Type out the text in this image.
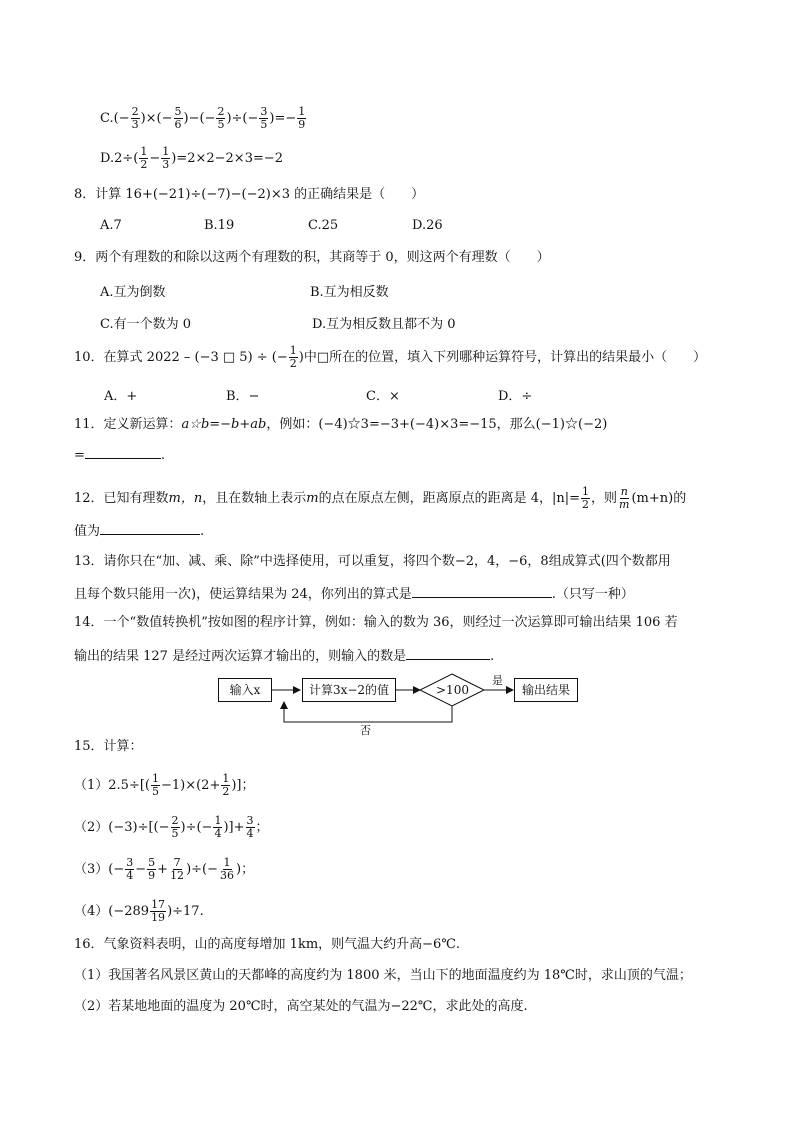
$C.(- \frac{2}{3}$ )×(− $\frac{5}{6}$ )−(− $\frac{2}{5}$ )÷(− $\frac{3}{5}$ )=− $\frac{1}{9}$
$D.2\div( \frac{1}{2} - \frac{1}{3} )=2\times 2-2\times 3=-2$
8．计算 16+(−21)÷(−7)−(−2)×3 的正确结果是（　　）
A.7	B.19	C.25	D.26
9．两个有理数的和除以这两个有理数的积，其商等于 0，则这两个有理数（　　）
A.互为倒数	B.互为相反数
C.有一个数为 0	D.互为相反数且都不为 0
10．在算式 2022 – (−3 □ 5) ÷ (− $\frac{1}{2}$ )中□所在的位置，填入下列哪种运算符号，计算出的结果最小（　　）
A．+	B．−	C．×	D．÷
11．定义新运算：a☆b=−b+ab，例如：(−4)☆3=−3+(−4)×3=−15，那么(−1)☆(−2)
=	.
12．已知有理数m，n，且在数轴上表示m的点在原点左侧，距离原点的距离是 4，$|n|= \frac{1}{2}$ ，则 $\frac{n}{m} (m+n)$的
值为	.
13．请你只在“加、减、乘、除”中选择使用，可以重复，将四个数−2，4，−6，8组成算式(四个数都用
且每个数只能用一次)，使运算结果为 24，你列出的算式是	.（只写一种）
14．一个“数值转换机”按如图的程序计算，例如：输入的数为 36，则经过一次运算即可输出结果 106 若
输出的结果 127 是经过两次运算才输出的，则输入的数是	.
输入x	计算3x−2的值	>100
是
输出结果
否
15．计算：
$(1)2.5\div[( \frac{1}{5} -1)\times(2+ \frac{1}{2}$ )]；
$(2)(-3)\div[(- \frac{2}{5}$ )÷(− $\frac{1}{4}$ )]+ $\frac{3}{4}$ ；
$(3)(- \frac{3}{4} - \frac{5}{9} + \frac{7}{12}$ )÷(− $\frac{1}{36}$ )；
$(4)(-289 \frac{17}{19} )\div 17$.
16．气象资料表明，山的高度每增加 1km，则气温大约升高−6℃.
（1）我国著名风景区黄山的天都峰的高度约为 1800 米，当山下的地面温度约为 18℃时，求山顶的气温；
（2）若某地地面的温度为 20℃时，高空某处的气温为−22℃，求此处的高度.
